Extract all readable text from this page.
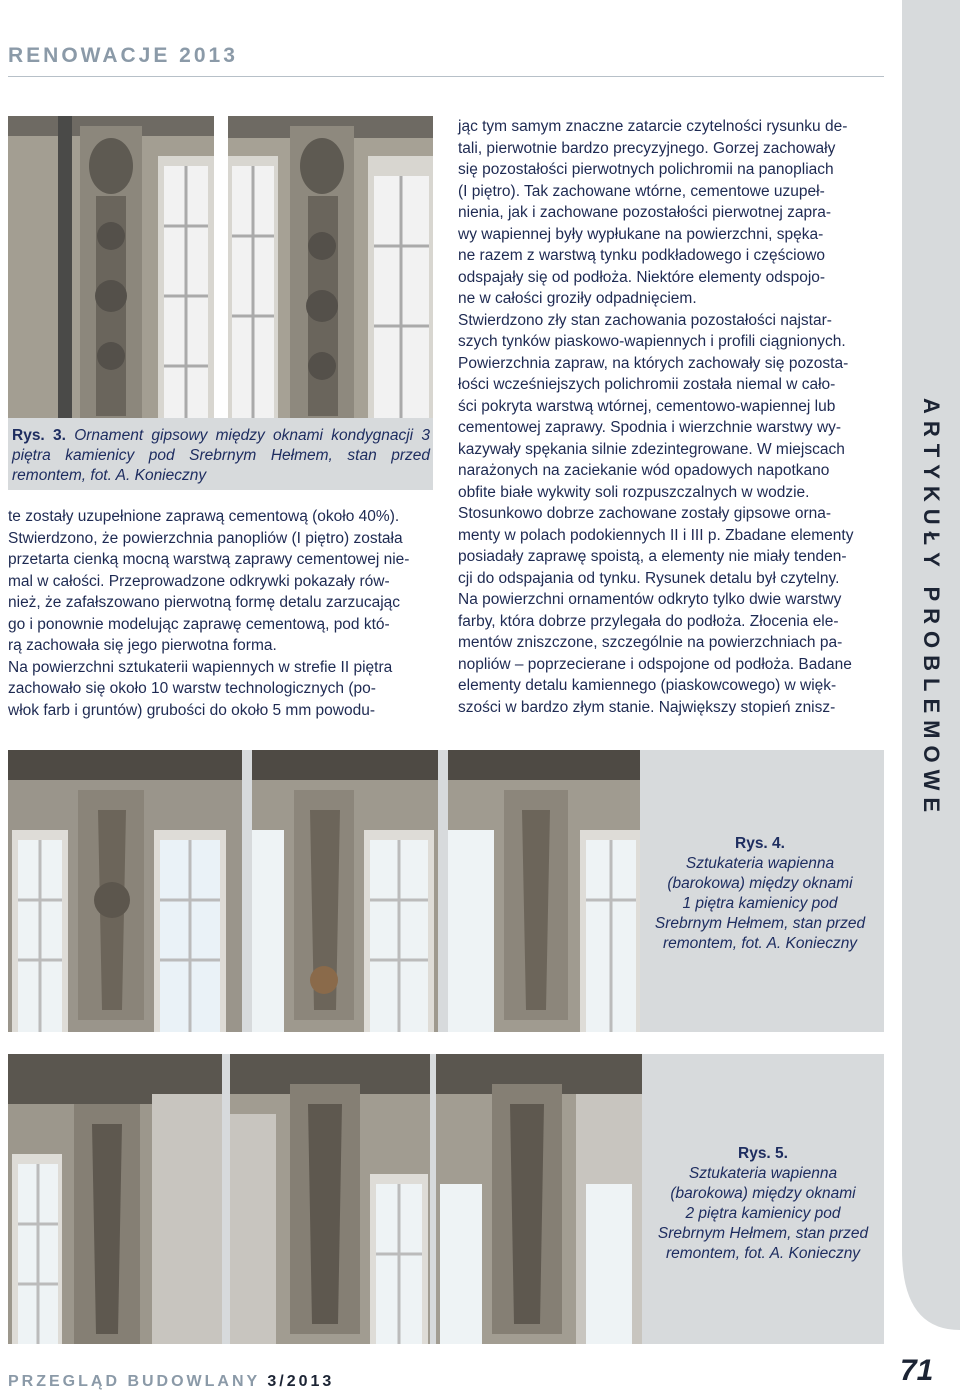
RENOWACJE 2013
ARTYKUŁY PROBLEMOWE
Rys. 3. Ornament gipsowy między oknami kondygnacji 3 piętra kamienicy pod Srebrnym Hełmem, stan przed remontem, fot. A. Konieczny

te zostały uzupełnione zaprawą cementową (około 40%).

Stwierdzono, że powierzchnia panopliów (I piętro) została

przetarta cienką mocną warstwą zaprawy cementowej nie-

mal w całości. Przeprowadzone odkrywki pokazały rów-

nież, że zafałszowano pierwotną formę detalu zarzucając

go i ponownie modelując zaprawę cementową, pod któ-

rą zachowała się jego pierwotna forma.

Na powierzchni sztukaterii wapiennych w strefie II piętra

zachowało się około 10 warstw technologicznych (po-

włok farb i gruntów) grubości do około 5 mm powodu-

jąc tym samym znaczne zatarcie czytelności rysunku de-

tali, pierwotnie bardzo precyzyjnego. Gorzej zachowały

się pozostałości pierwotnych polichromii na panopliach

(I piętro). Tak zachowane wtórne, cementowe uzupeł-

nienia, jak i zachowane pozostałości pierwotnej zapra-

wy wapiennej były wypłukane na powierzchni, spęka-

ne razem z warstwą tynku podkładowego i częściowo

odspajały się od podłoża. Niektóre elementy odspojo-

ne w całości groziły odpadnięciem.

Stwierdzono zły stan zachowania pozostałości najstar-

szych tynków piaskowo-wapiennych i profili ciągnionych.

Powierzchnia zapraw, na których zachowały się pozosta-

łości wcześniejszych polichromii została niemal w cało-

ści pokryta warstwą wtórnej, cementowo-wapiennej lub

cementowej zaprawy. Spodnia i wierzchnie warstwy wy-

kazywały spękania silnie zdezintegrowane. W miejscach

narażonych na zaciekanie wód opadowych napotkano

obfite białe wykwity soli rozpuszczalnych w wodzie.

Stosunkowo dobrze zachowane zostały gipsowe orna-

menty w polach podokiennych II i III p. Zbadane elementy

posiadały zaprawę spoistą, a elementy nie miały tenden-

cji do odspajania od tynku. Rysunek detalu był czytelny.

Na powierzchni ornamentów odkryto tylko dwie warstwy

farby, która dobrze przylegała do podłoża. Złocenia ele-

mentów zniszczone, szczególnie na powierzchniach pa-

nopliów – poprzecierane i odspojone od podłoża. Badane

elementy detalu kamiennego (piaskowcowego) w więk-

szości w bardzo złym stanie. Największy stopień znisz-

Rys. 4.
Sztukateria wapienna
(barokowa) między oknami
1 piętra kamienicy pod
Srebrnym Hełmem, stan przed
remontem, fot. A. Konieczny
Rys. 5.
Sztukateria wapienna
(barokowa) między oknami
2 piętra kamienicy pod
Srebrnym Hełmem, stan przed
remontem, fot. A. Konieczny
PRZEGLĄD BUDOWLANY 3/2013	71
